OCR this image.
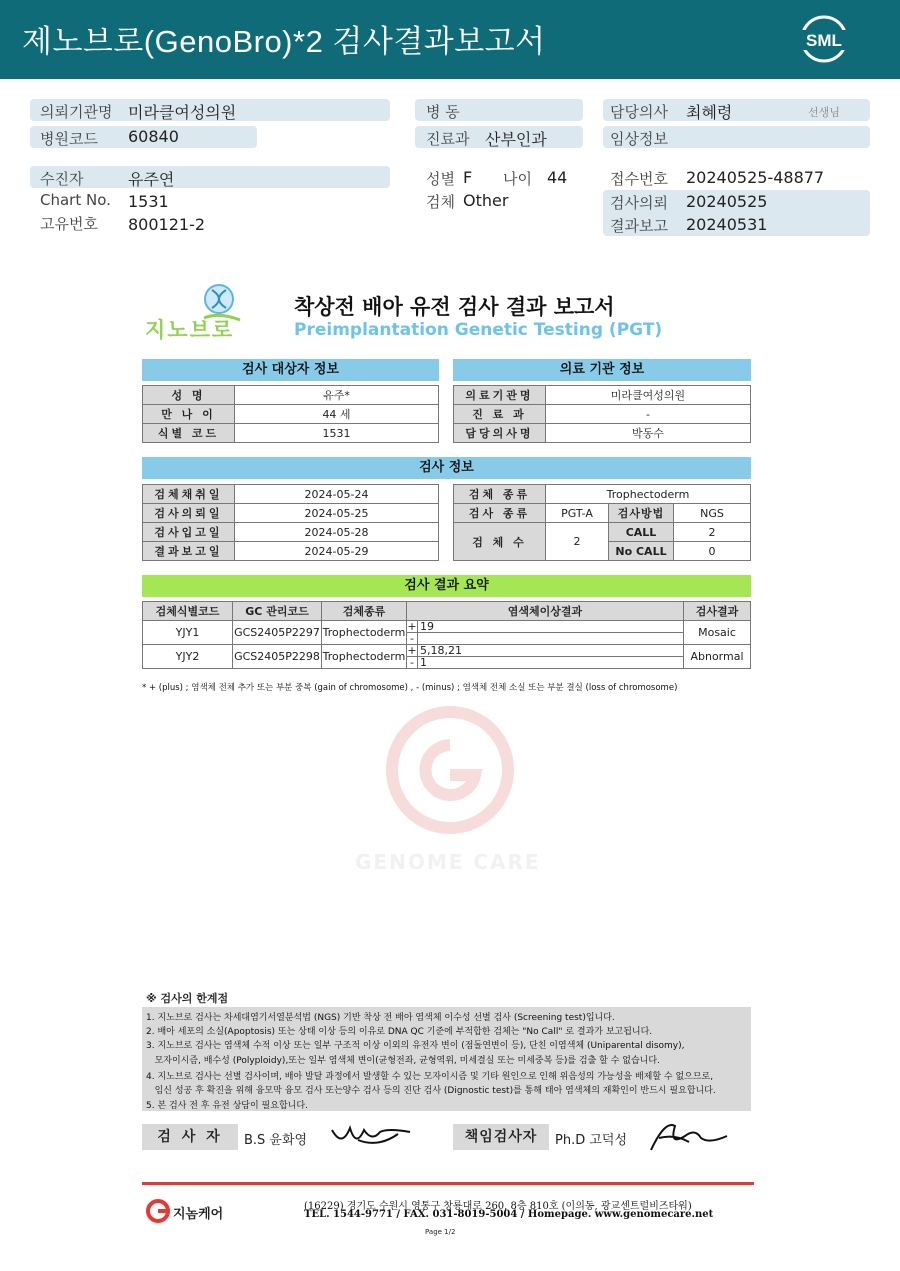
제노브로(GenoBro)*2 검사결과보고서	SML
의뢰기관명 미라클여성의원
병원코드 60840
병 동
진료과 산부인과
담당의사 최혜령	선생님
임상정보
수진자	유주연
Chart No. 1531
고유번호 800121-2
성별 F 나이 44
검체 Other
접수번호 20240525-48877
검사의뢰 20240525
결과보고 20240531
지노브로
착상전 배아 유전 검사 결과 보고서
Preimplantation Genetic Testing (PGT)
검사 대상자 정보	의료 기관 정보
성 명	유주*
만 나 이	44 세
식별 코드	1531
의료기관명	미라클여성의원
진 료 과	-
담당의사명	박동수
검사 정보
검체채취일	2024-05-24
검사의뢰일	2024-05-25
검사입고일	2024-05-28
결과보고일	2024-05-29
검체 종류	Trophectoderm		
검사 종류	PGT-A	검사방법	NGS
검 체 수	2	CALL	2
		No CALL	0
검사 결과 요약
검체식별코드	GC 관리코드	검체종류	염색체이상결과		검사결과
YJY1	GCS2405P2297	Trophectoderm	+	19	Mosaic
			-		
YJY2	GCS2405P2298	Trophectoderm	+	5,18,21	Abnormal
			-	1	
* + (plus) ; 염색체 전체 추가 또는 부분 중복 (gain of chromosome) , - (minus) ; 염색체 전체 소실 또는 부분 결실 (loss of chromosome)
GENOME CARE
※ 검사의 한계점
1. 지노브로 검사는 차세대염기서열분석법 (NGS) 기반 착상 전 배아 염색체 이수성 선별 검사 (Screening test)입니다.
2. 배아 세포의 소실(Apoptosis) 또는 상태 이상 등의 이유로 DNA QC 기준에 부적합한 검체는 "No Call" 로 결과가 보고됩니다.
3. 지노브로 검사는 염색체 수적 이상 또는 일부 구조적 이상 이외의 유전자 변이 (점돌연변이 등), 단친 이염색체 (Uniparental disomy),
모자이시즘, 배수성 (Polyploidy),또는 일부 염색체 변이(균형전좌, 균형역위, 미세결실 또는 미세중복 등)를 검출 할 수 없습니다.
4. 지노브로 검사는 선별 검사이며, 배아 발달 과정에서 발생할 수 있는 모자이시즘 및 기타 원인으로 인해 위음성의 가능성을 배제할 수 없으므로,
임신 성공 후 확진을 위해 융모막 융모 검사 또는양수 검사 등의 진단 검사 (Dignostic test)를 통해 태아 염색체의 재확인이 반드시 필요합니다.
5. 본 검사 전 후 유전 상담이 필요합니다.
검 사 자	B.S 윤화영	책임검사자	Ph.D 고덕성
지놈케어
(16229) 경기도 수원시 영통구 창룡대로 260, 8층 810호 (이의동, 광교센트럴비즈타워)
TEL. 1544-9771 / FAX. 031-8019-5004 / Homepage. www.genomecare.net
Page 1/2
